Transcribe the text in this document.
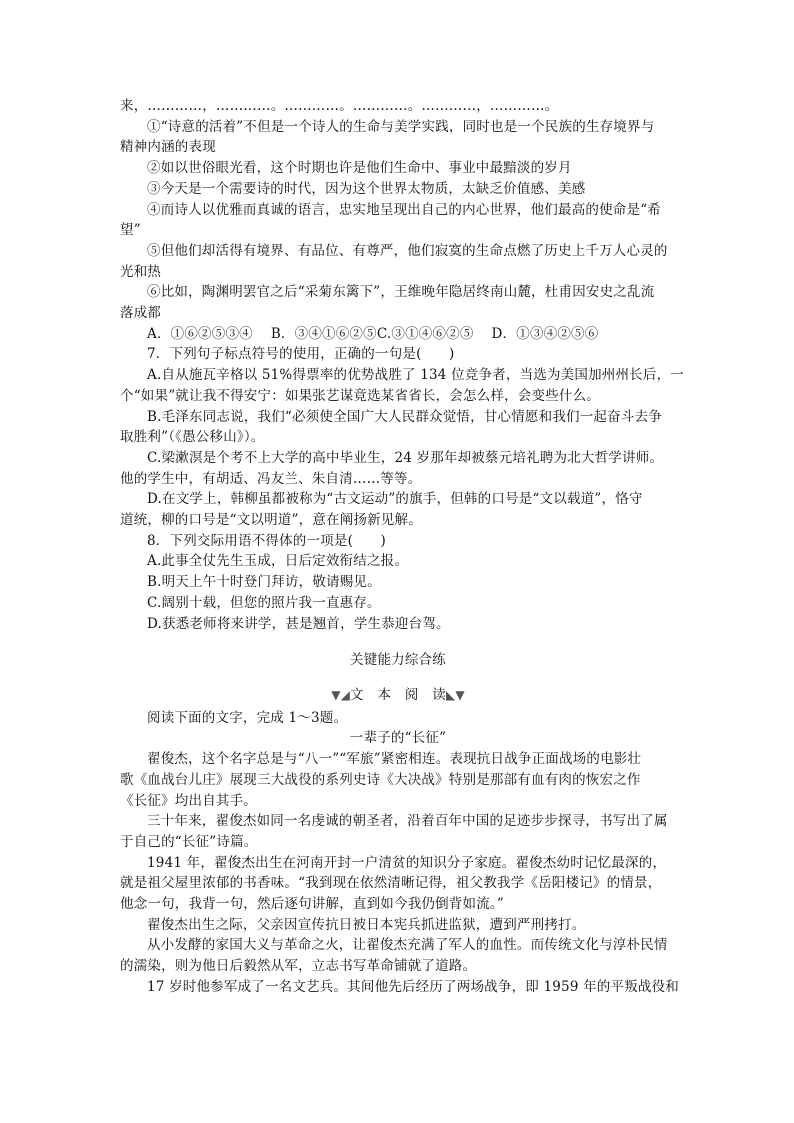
来，…………，…………。…………。…………。…………，…………。
①“诗意的活着”不但是一个诗人的生命与美学实践，同时也是一个民族的生存境界与
精神内涵的表现
②如以世俗眼光看，这个时期也许是他们生命中、事业中最黯淡的岁月
③今天是一个需要诗的时代，因为这个世界太物质，太缺乏价值感、美感
④而诗人以优雅而真诚的语言，忠实地呈现出自己的内心世界，他们最高的使命是“希
望”
⑤但他们却活得有境界、有品位、有尊严，他们寂寞的生命点燃了历史上千万人心灵的
光和热
⑥比如，陶渊明罢官之后“采菊东篱下”，王维晚年隐居终南山麓，杜甫因安史之乱流
落成都
A．①⑥②⑤③④    B．③④①⑥②⑤C.③①④⑥②⑤    D．①③④②⑤⑥
7．下列句子标点符号的使用，正确的一句是(　　)
A.自从施瓦辛格以 51%得票率的优势战胜了 134 位竞争者，当选为美国加州州长后，一
个“如果”就让我不得安宁：如果张艺谋竟选某省省长，会怎么样，会变些什么。
B.毛泽东同志说，我们“必须使全国广大人民群众觉悟，甘心情愿和我们一起奋斗去争
取胜利”（《愚公移山》）。
C.梁漱溟是个考不上大学的高中毕业生，24 岁那年却被蔡元培礼聘为北大哲学讲师。
他的学生中，有胡适、冯友兰、朱自清……等等。
D.在文学上，韩柳虽都被称为“古文运动”的旗手，但韩的口号是“文以载道”，恪守
道统，柳的口号是“文以明道”，意在阐扬新见解。
8．下列交际用语不得体的一项是(　　)
A.此事全仗先生玉成，日后定效衔结之报。
B.明天上午十时登门拜访，敬请赐见。
C.阔别十载，但您的照片我一直惠存。
D.获悉老师将来讲学，甚是翘首，学生恭迎台驾。
关键能力综合练
▼◢文　本　阅　读◣▼
阅读下面的文字，完成 1～3题。
一辈子的“长征”
翟俊杰，这个名字总是与“八一”“军旅”紧密相连。表现抗日战争正面战场的电影壮
歌《血战台儿庄》展现三大战役的系列史诗《大决战》特别是那部有血有肉的恢宏之作
《长征》均出自其手。
三十年来，翟俊杰如同一名虔诚的朝圣者，沿着百年中国的足迹步步探寻，书写出了属
于自己的“长征”诗篇。
1941 年，翟俊杰出生在河南开封一户清贫的知识分子家庭。翟俊杰幼时记忆最深的，
就是祖父屋里浓郁的书香味。“我到现在依然清晰记得，祖父教我学《岳阳楼记》的情景，
他念一句，我背一句，然后逐句讲解，直到如今我仍倒背如流。”
翟俊杰出生之际，父亲因宣传抗日被日本宪兵抓进监狱，遭到严刑拷打。
从小发酵的家国大义与革命之火，让翟俊杰充满了军人的血性。而传统文化与淳朴民情
的濡染，则为他日后毅然从军，立志书写革命铺就了道路。
17 岁时他参军成了一名文艺兵。其间他先后经历了两场战争，即 1959 年的平叛战役和
